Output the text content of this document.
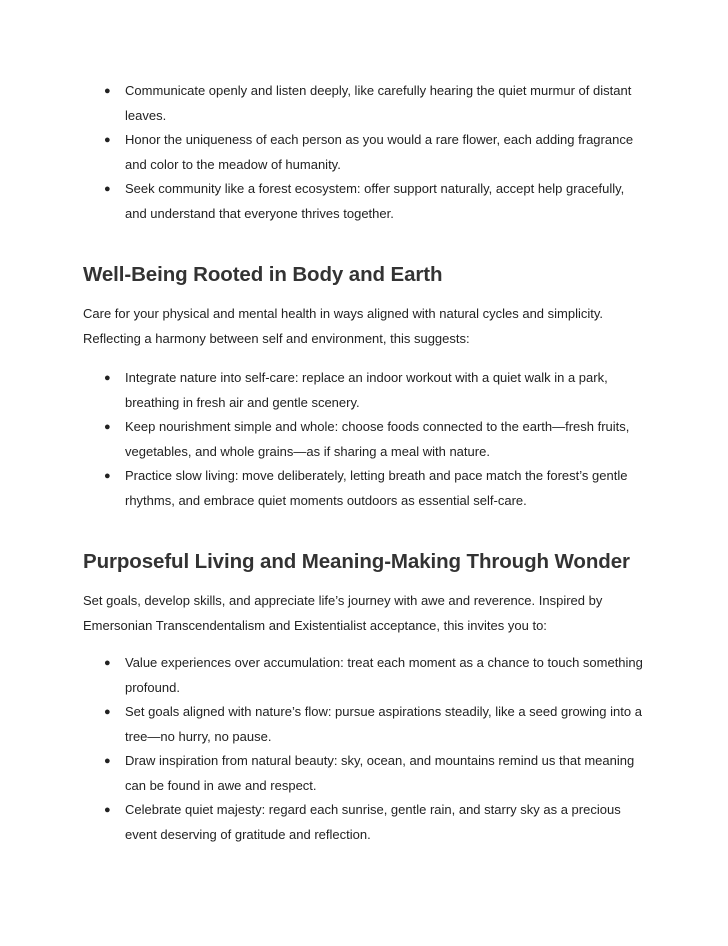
● Communicate openly and listen deeply, like carefully hearing the quiet murmur of distant leaves.
● Honor the uniqueness of each person as you would a rare flower, each adding fragrance and color to the meadow of humanity.
● Seek community like a forest ecosystem: offer support naturally, accept help gracefully, and understand that everyone thrives together.
Well-Being Rooted in Body and Earth

Care for your physical and mental health in ways aligned with natural cycles and simplicity. Reflecting a harmony between self and environment, this suggests:

● Integrate nature into self-care: replace an indoor workout with a quiet walk in a park, breathing in fresh air and gentle scenery.
● Keep nourishment simple and whole: choose foods connected to the earth—fresh fruits, vegetables, and whole grains—as if sharing a meal with nature.
● Practice slow living: move deliberately, letting breath and pace match the forest’s gentle rhythms, and embrace quiet moments outdoors as essential self-care.
Purposeful Living and Meaning-Making Through Wonder

Set goals, develop skills, and appreciate life’s journey with awe and reverence. Inspired by Emersonian Transcendentalism and Existentialist acceptance, this invites you to:

● Value experiences over accumulation: treat each moment as a chance to touch something profound.
● Set goals aligned with nature’s flow: pursue aspirations steadily, like a seed growing into a tree—no hurry, no pause.
● Draw inspiration from natural beauty: sky, ocean, and mountains remind us that meaning can be found in awe and respect.
● Celebrate quiet majesty: regard each sunrise, gentle rain, and starry sky as a precious event deserving of gratitude and reflection.
